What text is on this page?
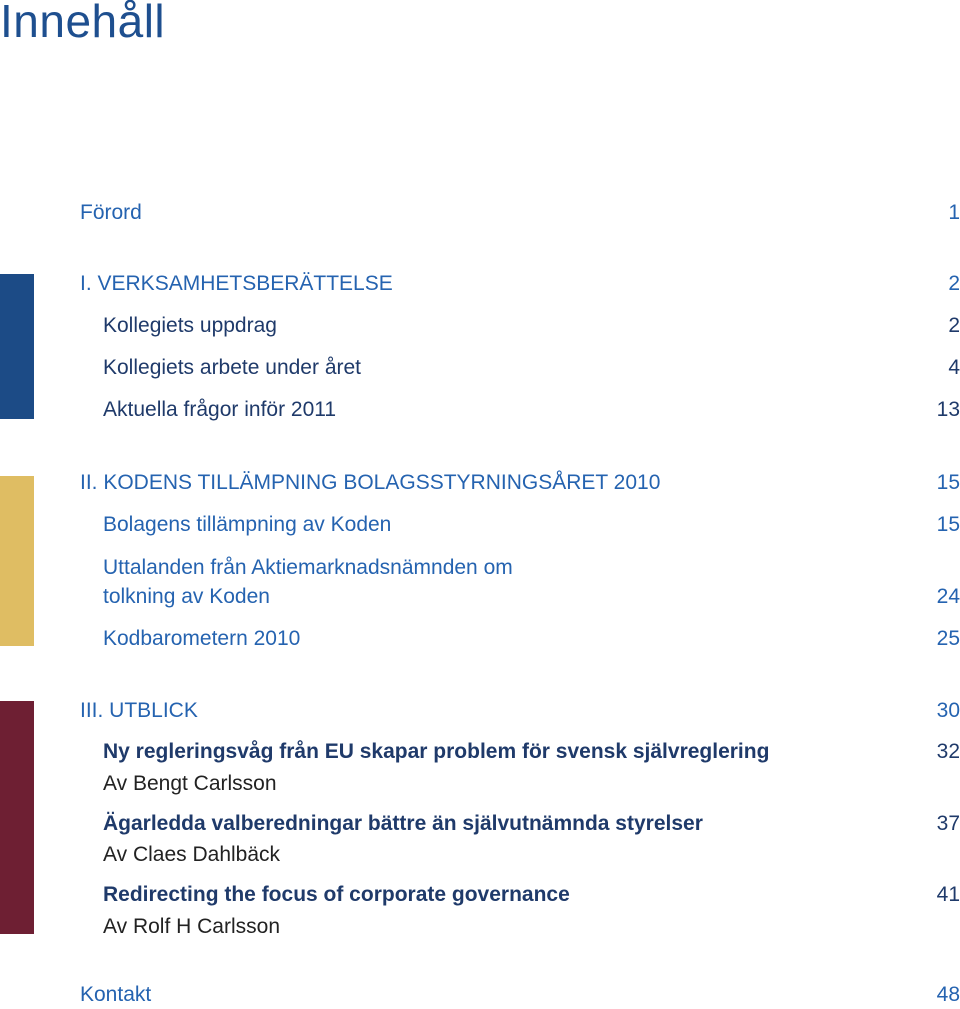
Innehåll
Förord	1
I. VERKSAMHETSBERÄTTELSE	2
Kollegiets uppdrag	2
Kollegiets arbete under året	4
Aktuella frågor inför 2011	13
II. KODENS TILLÄMPNING BOLAGSSTYRNINGSÅRET 2010	15
Bolagens tillämpning av Koden	15
Uttalanden från Aktiemarknadsnämnden om
tolkning av Koden	24
Kodbarometern 2010	25
III. UTBLICK	30
Ny regleringsvåg från EU skapar problem för svensk självreglering	32
Av Bengt Carlsson
Ägarledda valberedningar bättre än självutnämnda styrelser	37
Av Claes Dahlbäck
Redirecting the focus of corporate governance	41
Av Rolf H Carlsson
Kontakt	48
